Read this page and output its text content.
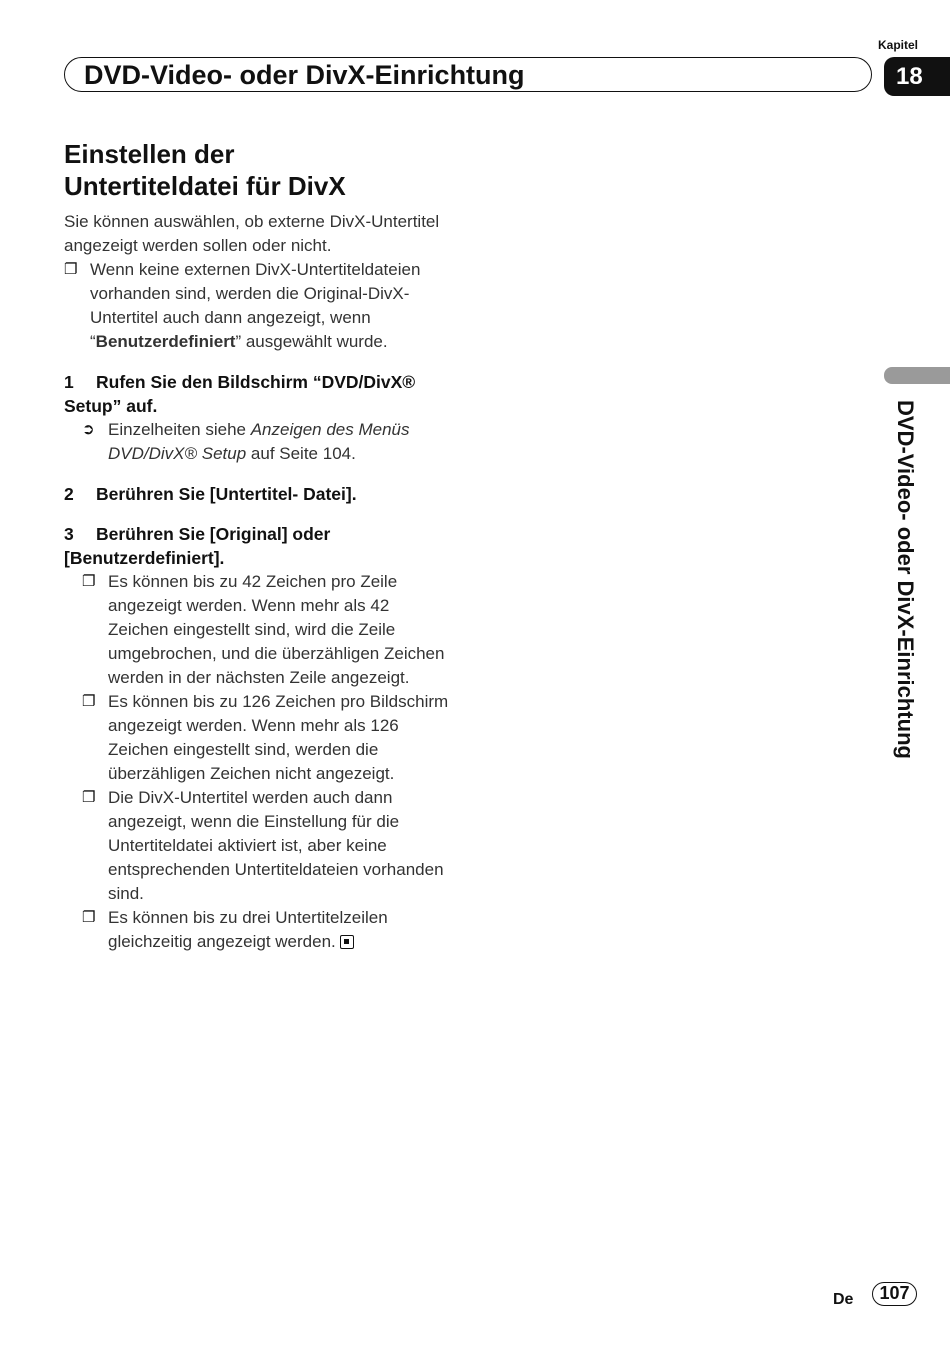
DVD-Video- oder DivX-Einrichtung
Kapitel
18
DVD-Video- oder DivX-Einrichtung
Einstellen der
Untertiteldatei für DivX

Sie können auswählen, ob externe DivX-Untertitel angezeigt werden sollen oder nicht.

❐ Wenn keine externen DivX-Untertiteldateien vorhanden sind, werden die Original-DivX-Untertitel auch dann angezeigt, wenn “Benutzerdefiniert” ausgewählt wurde.
1 Rufen Sie den Bildschirm “DVD/DivX® Setup” auf.
➲ Einzelheiten siehe Anzeigen des Menüs DVD/DivX® Setup auf Seite 104.
2 Berühren Sie [Untertitel- Datei].
3 Berühren Sie [Original] oder [Benutzerdefiniert].
❐ Es können bis zu 42 Zeichen pro Zeile angezeigt werden. Wenn mehr als 42 Zeichen eingestellt sind, wird die Zeile umgebrochen, und die überzähligen Zeichen werden in der nächsten Zeile angezeigt.
❐ Es können bis zu 126 Zeichen pro Bildschirm angezeigt werden. Wenn mehr als 126 Zeichen eingestellt sind, werden die überzähligen Zeichen nicht angezeigt.
❐ Die DivX-Untertitel werden auch dann angezeigt, wenn die Einstellung für die Untertiteldatei aktiviert ist, aber keine entsprechenden Untertiteldateien vorhanden sind.
❐ Es können bis zu drei Untertitelzeilen gleichzeitig angezeigt werden.
De	107
